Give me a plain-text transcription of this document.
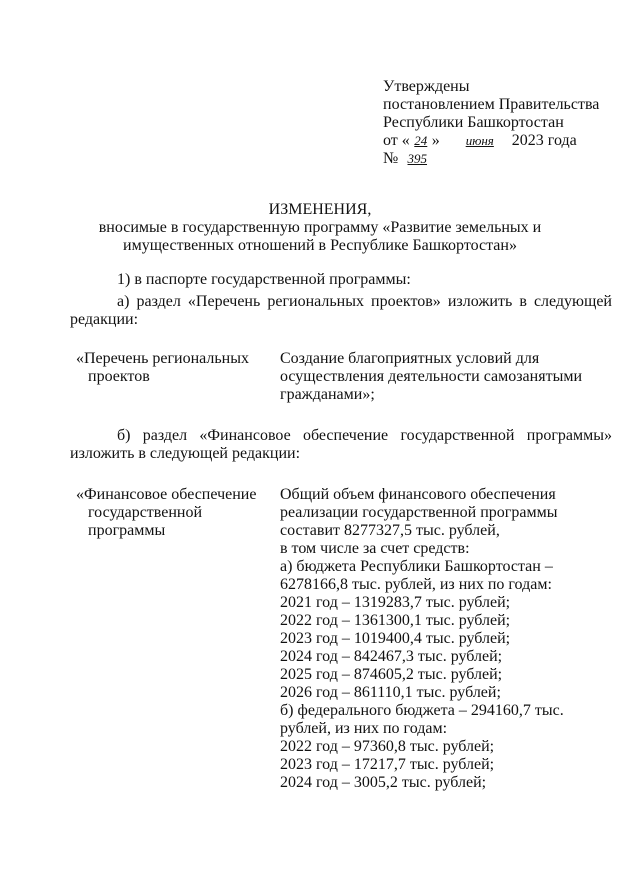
Утверждены
постановлением Правительства
Республики Башкортостан
от « 24 » июня 2023 года
№ 395
ИЗМЕНЕНИЯ,
вносимые в государственную программу «Развитие земельных и
имущественных отношений в Республике Башкортостан»
1) в паспорте государственной программы:
а) раздел «Перечень региональных проектов» изложить в следующей
редакции:
«Перечень региональных
проектов
Создание благоприятных условий для
осуществления деятельности самозанятыми
гражданами»;
б) раздел «Финансовое обеспечение государственной программы»
изложить в следующей редакции:
«Финансовое обеспечение
государственной
программы
Общий объем финансового обеспечения
реализации государственной программы
составит 8277327,5 тыс. рублей,
в том числе за счет средств:
а) бюджета Республики Башкортостан –
6278166,8 тыс. рублей, из них по годам:
2021 год – 1319283,7 тыс. рублей;
2022 год – 1361300,1 тыс. рублей;
2023 год – 1019400,4 тыс. рублей;
2024 год – 842467,3 тыс. рублей;
2025 год – 874605,2 тыс. рублей;
2026 год – 861110,1 тыс. рублей;
б) федерального бюджета – 294160,7 тыс.
рублей, из них по годам:
2022 год – 97360,8 тыс. рублей;
2023 год – 17217,7 тыс. рублей;
2024 год – 3005,2 тыс. рублей;
